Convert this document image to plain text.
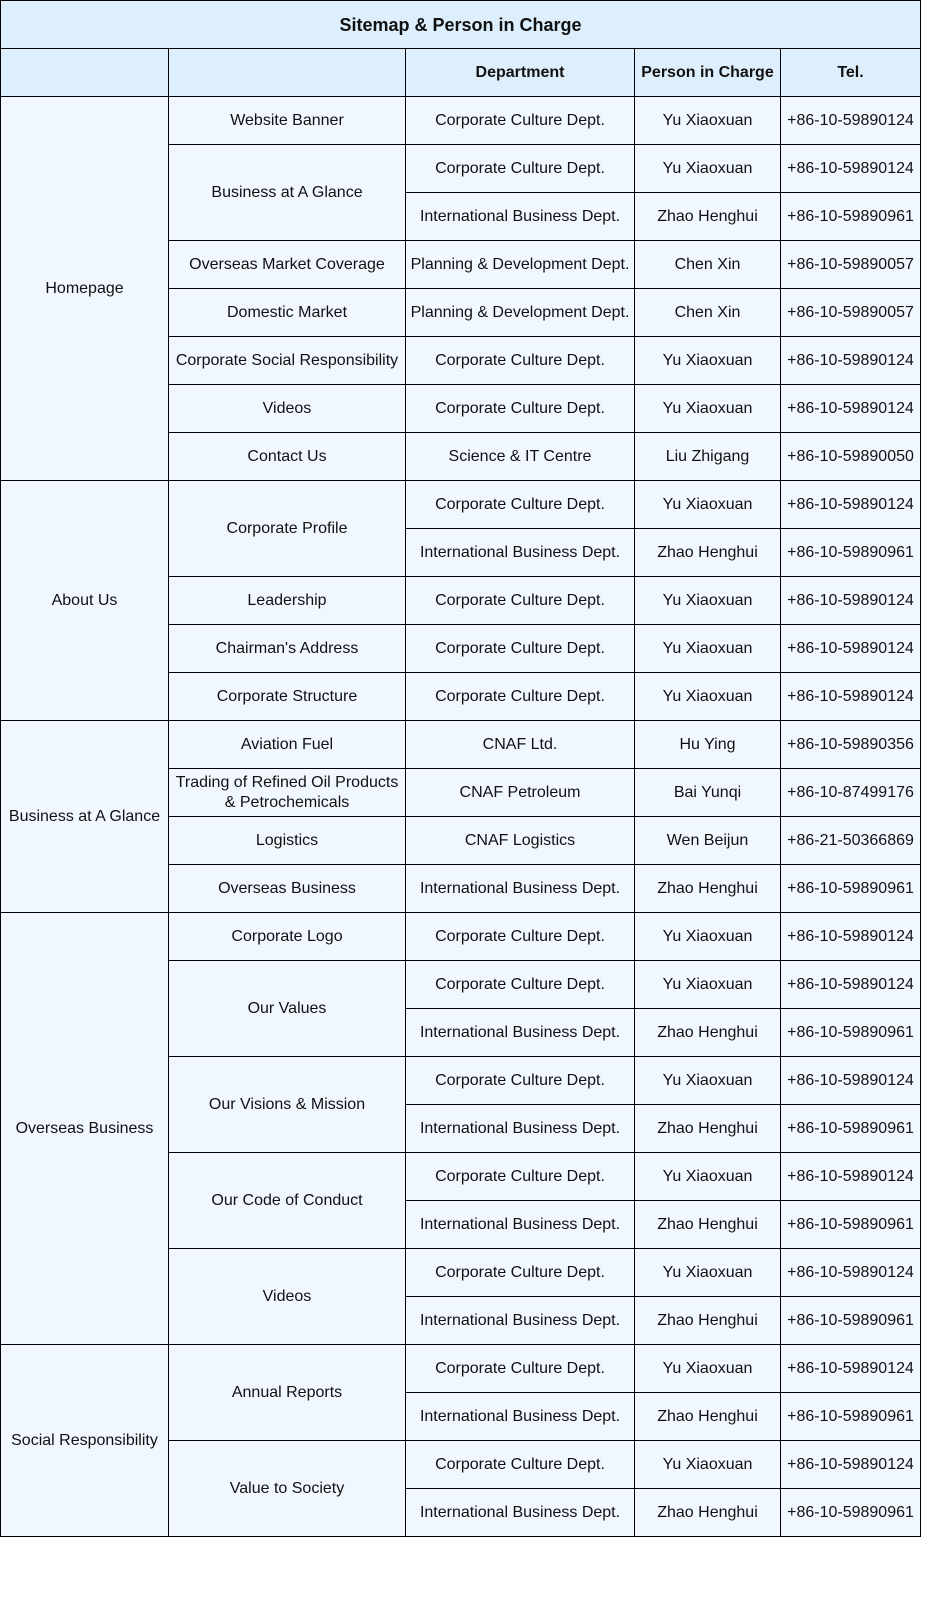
Sitemap & Person in Charge				
		Department	Person in Charge	Tel.
Homepage	Website Banner	Corporate Culture Dept.	Yu Xiaoxuan	+86-10-59890124
	Business at A Glance	Corporate Culture Dept.	Yu Xiaoxuan	+86-10-59890124
		International Business Dept.	Zhao Henghui	+86-10-59890961
	Overseas Market Coverage	Planning & Development Dept.	Chen Xin	+86-10-59890057
	Domestic Market	Planning & Development Dept.	Chen Xin	+86-10-59890057
	Corporate Social Responsibility	Corporate Culture Dept.	Yu Xiaoxuan	+86-10-59890124
	Videos	Corporate Culture Dept.	Yu Xiaoxuan	+86-10-59890124
	Contact Us	Science & IT Centre	Liu Zhigang	+86-10-59890050
About Us	Corporate Profile	Corporate Culture Dept.	Yu Xiaoxuan	+86-10-59890124
		International Business Dept.	Zhao Henghui	+86-10-59890961
	Leadership	Corporate Culture Dept.	Yu Xiaoxuan	+86-10-59890124
	Chairman's Address	Corporate Culture Dept.	Yu Xiaoxuan	+86-10-59890124
	Corporate Structure	Corporate Culture Dept.	Yu Xiaoxuan	+86-10-59890124
Business at A Glance	Aviation Fuel	CNAF Ltd.	Hu Ying	+86-10-59890356
	Trading of Refined Oil Products & Petrochemicals	CNAF Petroleum	Bai Yunqi	+86-10-87499176
	Logistics	CNAF Logistics	Wen Beijun	+86-21-50366869
	Overseas Business	International Business Dept.	Zhao Henghui	+86-10-59890961
Overseas Business	Corporate Logo	Corporate Culture Dept.	Yu Xiaoxuan	+86-10-59890124
	Our Values	Corporate Culture Dept.	Yu Xiaoxuan	+86-10-59890124
		International Business Dept.	Zhao Henghui	+86-10-59890961
	Our Visions & Mission	Corporate Culture Dept.	Yu Xiaoxuan	+86-10-59890124
		International Business Dept.	Zhao Henghui	+86-10-59890961
	Our Code of Conduct	Corporate Culture Dept.	Yu Xiaoxuan	+86-10-59890124
		International Business Dept.	Zhao Henghui	+86-10-59890961
	Videos	Corporate Culture Dept.	Yu Xiaoxuan	+86-10-59890124
		International Business Dept.	Zhao Henghui	+86-10-59890961
Social Responsibility	Annual Reports	Corporate Culture Dept.	Yu Xiaoxuan	+86-10-59890124
		International Business Dept.	Zhao Henghui	+86-10-59890961
	Value to Society	Corporate Culture Dept.	Yu Xiaoxuan	+86-10-59890124
		International Business Dept.	Zhao Henghui	+86-10-59890961
